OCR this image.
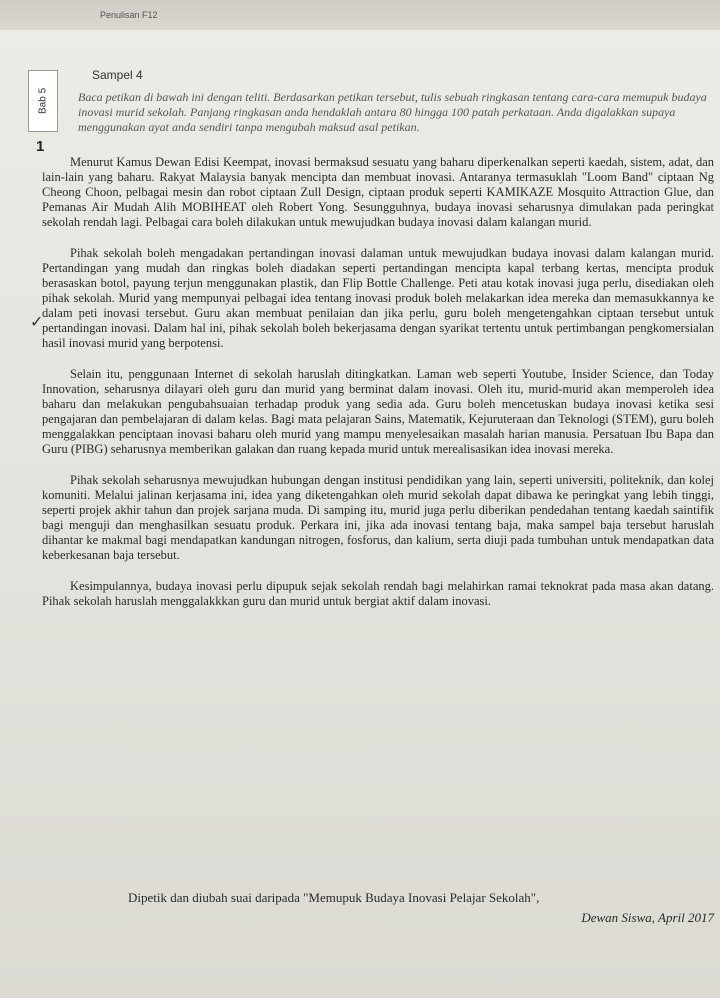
Penulisan F12
Bab 5
Sampel 4
1
Baca petikan di bawah ini dengan teliti. Berdasarkan petikan tersebut, tulis sebuah ringkasan tentang cara-cara memupuk budaya inovasi murid sekolah. Panjang ringkasan anda hendaklah antara 80 hingga 100 patah perkataan. Anda digalakkan supaya menggunakan ayat anda sendiri tanpa mengubah maksud asal petikan.
✓

Menurut Kamus Dewan Edisi Keempat, inovasi bermaksud sesuatu yang baharu diperkenalkan seperti kaedah, sistem, adat, dan lain-lain yang baharu. Rakyat Malaysia banyak mencipta dan membuat inovasi. Antaranya termasuklah "Loom Band" ciptaan Ng Cheong Choon, pelbagai mesin dan robot ciptaan Zull Design, ciptaan produk seperti KAMIKAZE Mosquito Attraction Glue, dan Pemanas Air Mudah Alih MOBIHEAT oleh Robert Yong. Sesungguhnya, budaya inovasi seharusnya dimulakan pada peringkat sekolah rendah lagi. Pelbagai cara boleh dilakukan untuk mewujudkan budaya inovasi dalam kalangan murid.

Pihak sekolah boleh mengadakan pertandingan inovasi dalaman untuk mewujudkan budaya inovasi dalam kalangan murid. Pertandingan yang mudah dan ringkas boleh diadakan seperti pertandingan mencipta kapal terbang kertas, mencipta produk berasaskan botol, payung terjun menggunakan plastik, dan Flip Bottle Challenge. Peti atau kotak inovasi juga perlu, disediakan oleh pihak sekolah. Murid yang mempunyai pelbagai idea tentang inovasi produk boleh melakarkan idea mereka dan memasukkannya ke dalam peti inovasi tersebut. Guru akan membuat penilaian dan jika perlu, guru boleh mengetengahkan ciptaan tersebut untuk pertandingan inovasi. Dalam hal ini, pihak sekolah boleh bekerjasama dengan syarikat tertentu untuk pertimbangan pengkomersialan hasil inovasi murid yang berpotensi.

Selain itu, penggunaan Internet di sekolah haruslah ditingkatkan. Laman web seperti Youtube, Insider Science, dan Today Innovation, seharusnya dilayari oleh guru dan murid yang berminat dalam inovasi. Oleh itu, murid-murid akan memperoleh idea baharu dan melakukan pengubahsuaian terhadap produk yang sedia ada. Guru boleh mencetuskan budaya inovasi ketika sesi pengajaran dan pembelajaran di dalam kelas. Bagi mata pelajaran Sains, Matematik, Kejuruteraan dan Teknologi (STEM), guru boleh menggalakkan penciptaan inovasi baharu oleh murid yang mampu menyelesaikan masalah harian manusia. Persatuan Ibu Bapa dan Guru (PIBG) seharusnya memberikan galakan dan ruang kepada murid untuk merealisasikan idea inovasi mereka.

Pihak sekolah seharusnya mewujudkan hubungan dengan institusi pendidikan yang lain, seperti universiti, politeknik, dan kolej komuniti. Melalui jalinan kerjasama ini, idea yang diketengahkan oleh murid sekolah dapat dibawa ke peringkat yang lebih tinggi, seperti projek akhir tahun dan projek sarjana muda. Di samping itu, murid juga perlu diberikan pendedahan tentang kaedah saintifik bagi menguji dan menghasilkan sesuatu produk. Perkara ini, jika ada inovasi tentang baja, maka sampel baja tersebut haruslah dihantar ke makmal bagi mendapatkan kandungan nitrogen, fosforus, dan kalium, serta diuji pada tumbuhan untuk mendapatkan data keberkesanan baja tersebut.

Kesimpulannya, budaya inovasi perlu dipupuk sejak sekolah rendah bagi melahirkan ramai teknokrat pada masa akan datang. Pihak sekolah haruslah menggalakkkan guru dan murid untuk bergiat aktif dalam inovasi.

Dipetik dan diubah suai daripada "Memupuk Budaya Inovasi Pelajar Sekolah",
Dewan Siswa, April 2017
